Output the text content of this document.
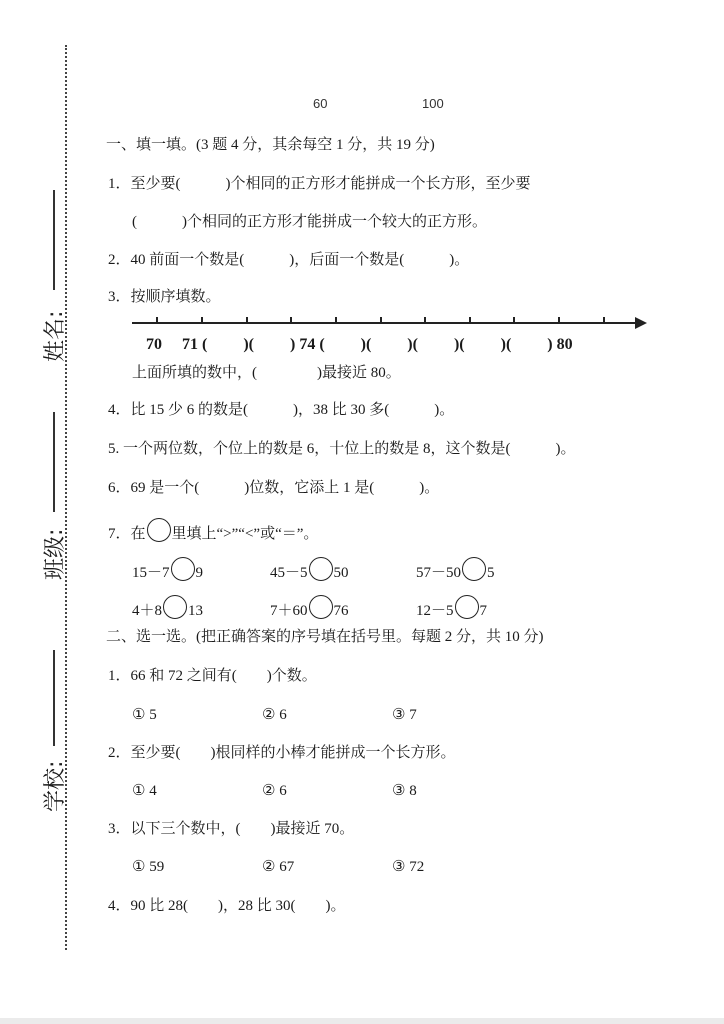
姓名:
班级:
学校:
60	100
一、填一填。(3 题 4 分，其余每空 1 分，共 19 分)
1．至少要(　　　)个相同的正方形才能拼成一个长方形，至少要
(　　　)个相同的正方形才能拼成一个较大的正方形。
2．40 前面一个数是(　　　)，后面一个数是(　　　)。
3．按顺序填数。
70　 71 (　　 )(　　 ) 74 (　　 )(　　 )(　　 )(　　 )(　　 ) 80
上面所填的数中，(　　　　)最接近 80。
4．比 15 少 6 的数是(　　　)，38 比 30 多(　　　)。
5. 一个两位数，个位上的数是 6，十位上的数是 8，这个数是(　　　)。
6．69 是一个(　　　)位数，它添上 1 是(　　　)。
7．在 里填上“>”“<”或“＝”。
15－7 9	45－5 50	57－50 5
4＋8 13	7＋60 76	12－5 7
二、选一选。(把正确答案的序号填在括号里。每题 2 分，共 10 分)
1．66 和 72 之间有(　　)个数。
① 5	② 6	③ 7
2．至少要(　　)根同样的小棒才能拼成一个长方形。
① 4	② 6	③ 8
3．以下三个数中，(　　)最接近 70。
① 59	② 67	③ 72
4．90 比 28(　　)，28 比 30(　　)。
